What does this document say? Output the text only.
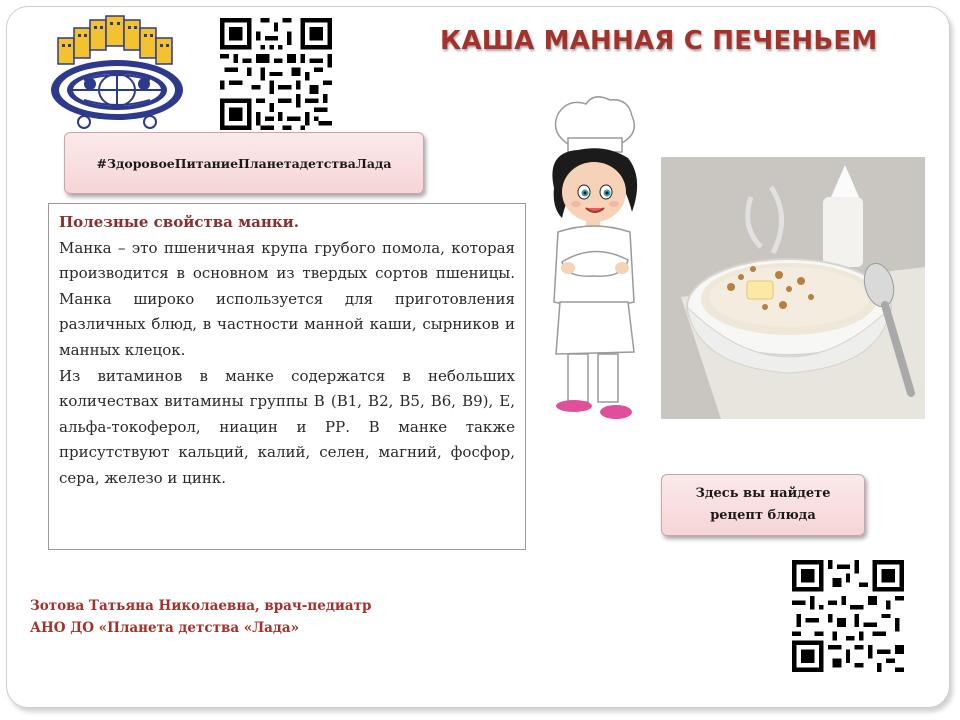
КАША МАННАЯ С ПЕЧЕНЬЕМ
#ЗдоровоеПитаниеПланетадетстваЛада
Полезные свойства манки.
Манка – это пшеничная крупа грубого помола, которая производится в основном из твердых сортов пшеницы. Манка широко используется для приготовления различных блюд, в частности манной каши, сырников и манных клецок.
Из витаминов в манке содержатся в небольших количествах витамины группы В (В1, В2, В5, В6, В9), Е, альфа-токоферол, ниацин и РР. В манке также присутствуют кальций, калий, селен, магний, фосфор, сера, железо и цинк.
Здесь вы найдете
рецепт блюда
Зотова Татьяна Николаевна, врач-педиатр
АНО ДО «Планета детства «Лада»
